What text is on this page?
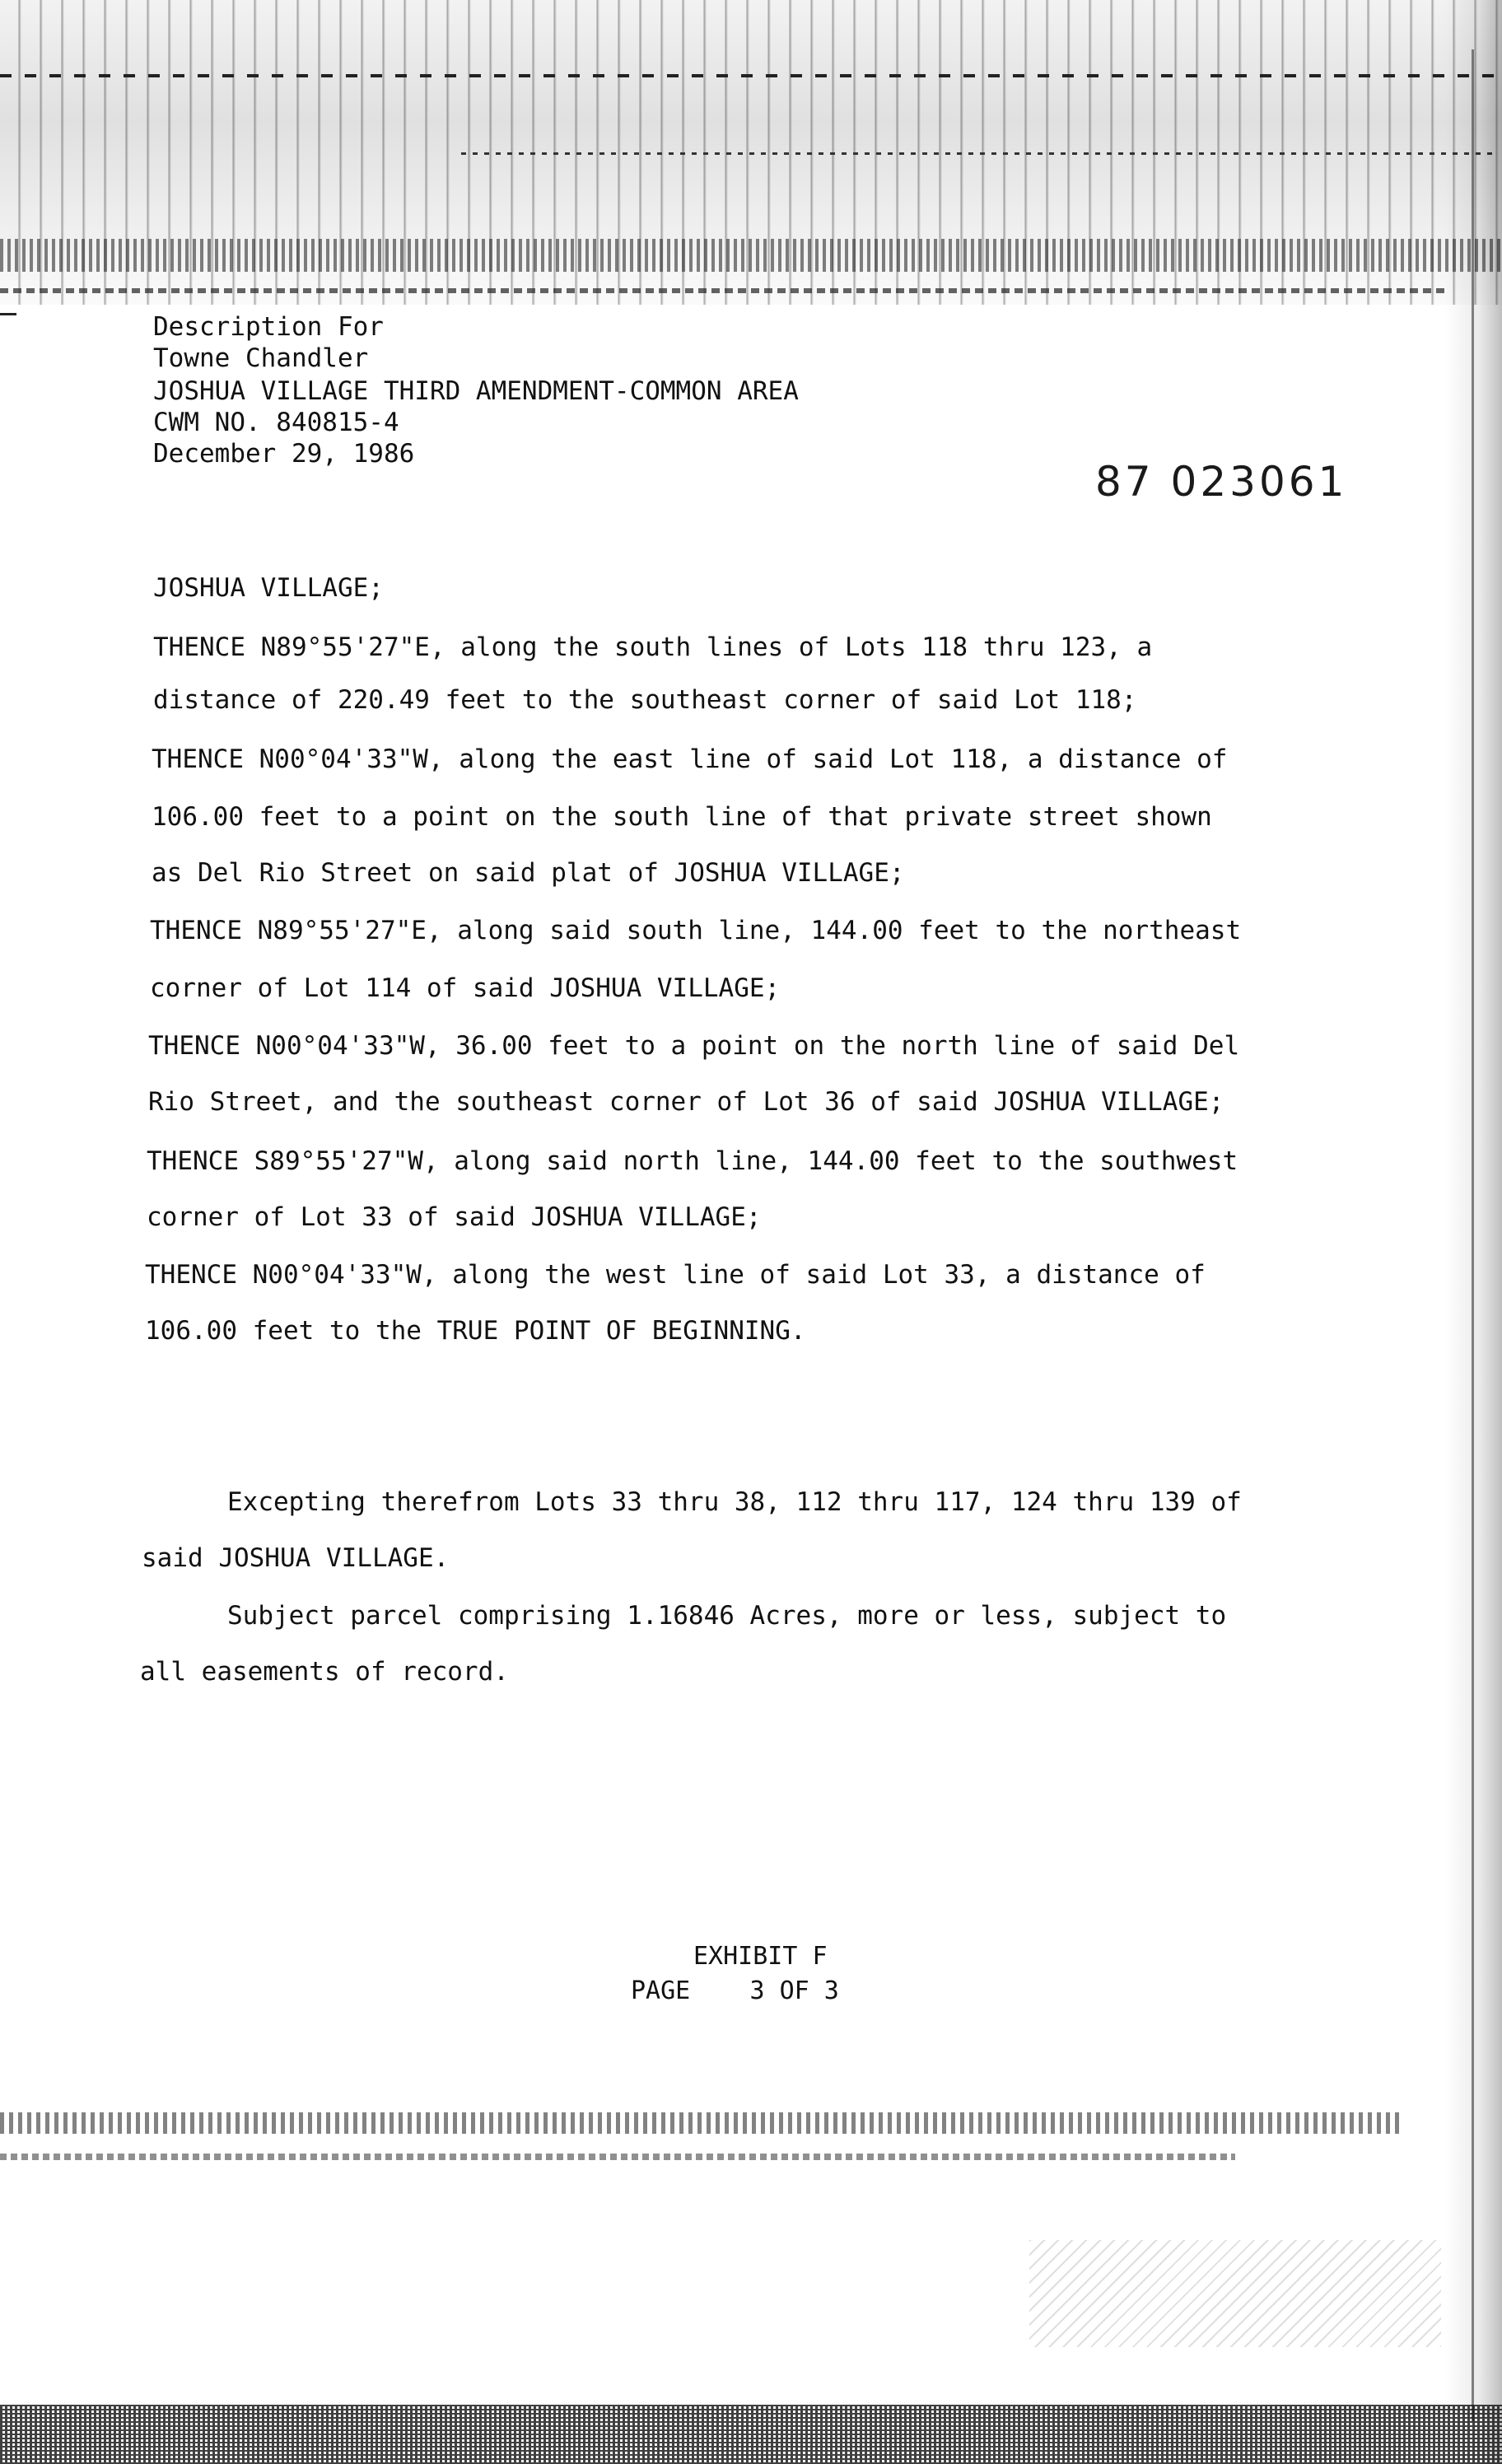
Description For
Towne Chandler
JOSHUA VILLAGE THIRD AMENDMENT-COMMON AREA
CWM NO. 840815-4
December 29, 1986
87 023061
JOSHUA VILLAGE;
THENCE N89°55'27"E, along the south lines of Lots 118 thru 123, a
distance of 220.49 feet to the southeast corner of said Lot 118;
THENCE N00°04'33"W, along the east line of said Lot 118, a distance of
106.00 feet to a point on the south line of that private street shown
as Del Rio Street on said plat of JOSHUA VILLAGE;
THENCE N89°55'27"E, along said south line, 144.00 feet to the northeast
corner of Lot 114 of said JOSHUA VILLAGE;
THENCE N00°04'33"W, 36.00 feet to a point on the north line of said Del
Rio Street, and the southeast corner of Lot 36 of said JOSHUA VILLAGE;
THENCE S89°55'27"W, along said north line, 144.00 feet to the southwest
corner of Lot 33 of said JOSHUA VILLAGE;
THENCE N00°04'33"W, along the west line of said Lot 33, a distance of
106.00 feet to the TRUE POINT OF BEGINNING.
Excepting therefrom Lots 33 thru 38, 112 thru 117, 124 thru 139 of
said JOSHUA VILLAGE.
Subject parcel comprising 1.16846 Acres, more or less, subject to
all easements of record.
EXHIBIT F
PAGE    3 OF 3
